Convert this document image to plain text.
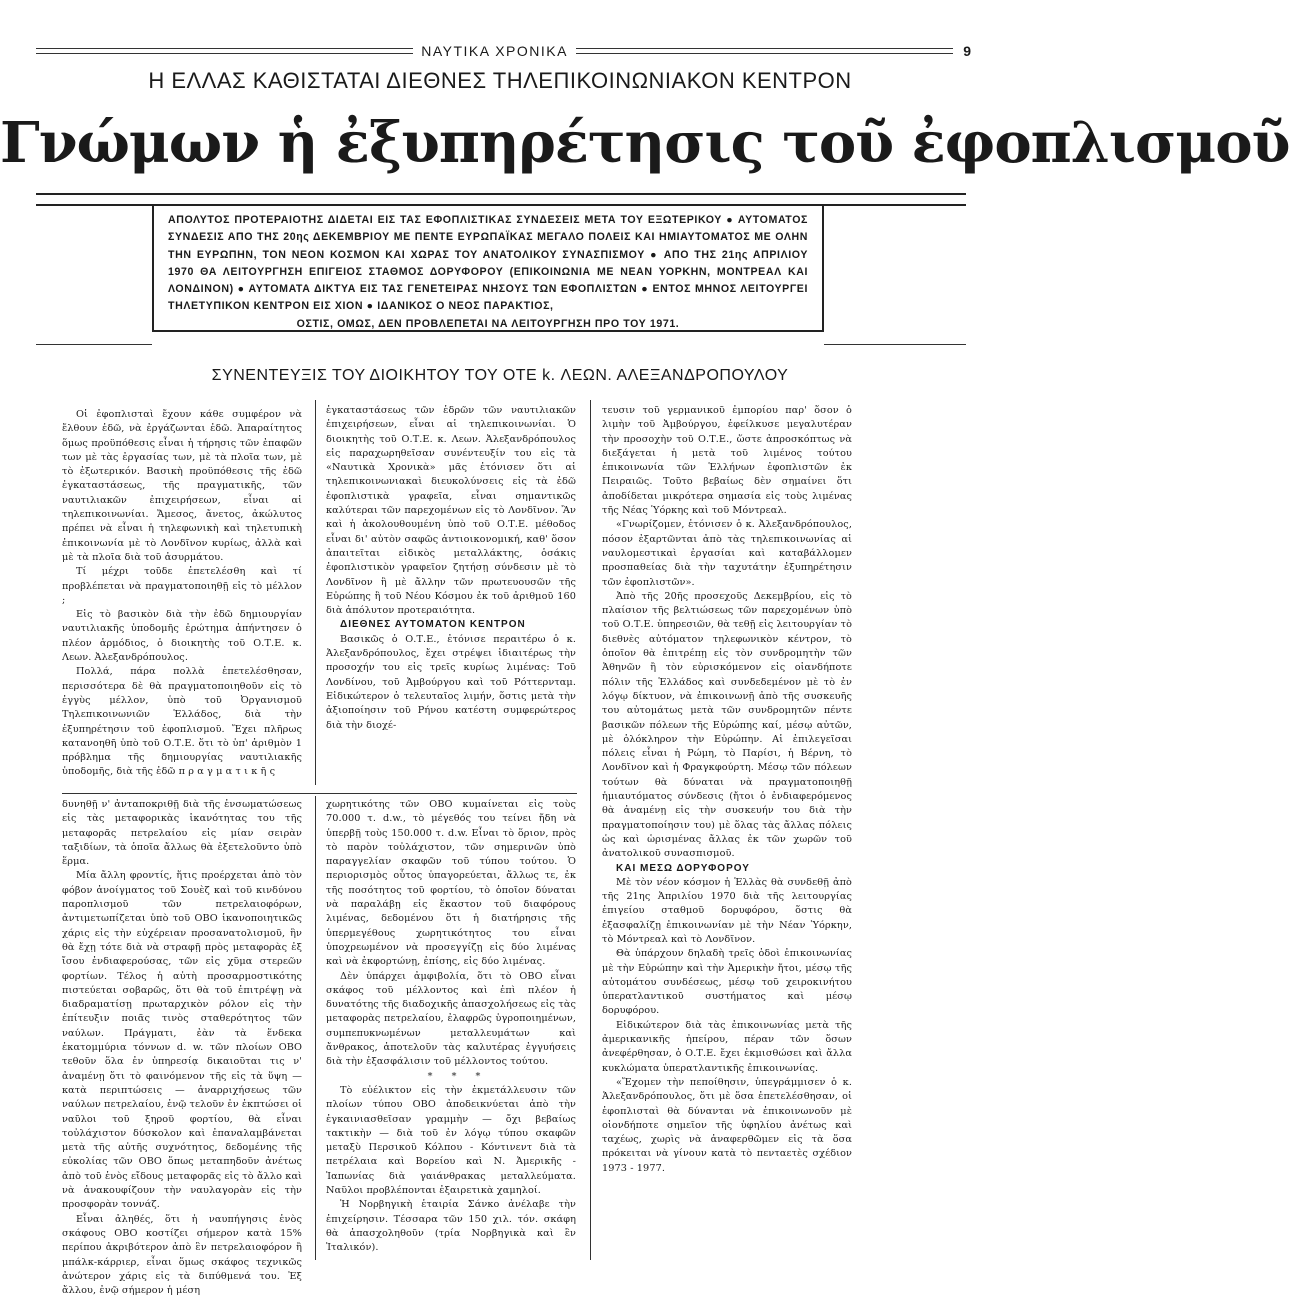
ΝΑΥΤΙΚΑ ΧΡΟΝΙΚΑ	9
Η ΕΛΛΑΣ ΚΑΘΙΣΤΑΤΑΙ ΔΙΕΘΝΕΣ ΤΗΛΕΠΙΚΟΙΝΩΝΙΑΚΟΝ ΚΕΝΤΡΟΝ
Γνώμων ἡ ἐξυπηρέτησις τοῦ ἐφοπλισμοῦ

ΑΠΟΛΥΤΟΣ ΠΡΟΤΕΡΑΙΟΤΗΣ ΔΙΔΕΤΑΙ ΕΙΣ ΤΑΣ ΕΦΟΠΛΙΣΤΙΚΑΣ ΣΥΝΔΕΣΕΙΣ ΜΕΤΑ ΤΟΥ ΕΞΩΤΕΡΙΚΟΥ ● ΑΥΤΟΜΑΤΟΣ ΣΥΝΔΕΣΙΣ ΑΠΟ ΤΗΣ 20ης ΔΕΚΕΜΒΡΙΟΥ ΜΕ ΠΕΝΤΕ ΕΥΡΩΠΑΪΚΑΣ ΜΕΓΑΛΟ ΠΟΛΕΙΣ ΚΑΙ ΗΜΙΑΥΤΟΜΑΤΟΣ ΜΕ ΟΛΗΝ ΤΗΝ ΕΥΡΩΠΗΝ, ΤΟΝ ΝΕΟΝ ΚΟΣΜΟΝ ΚΑΙ ΧΩΡΑΣ ΤΟΥ ΑΝΑΤΟΛΙΚΟΥ ΣΥΝΑΣΠΙΣΜΟΥ ● ΑΠΟ ΤΗΣ 21ης ΑΠΡΙΛΙΟΥ 1970 ΘΑ ΛΕΙΤΟΥΡΓΗΣΗ ΕΠΙΓΕΙΟΣ ΣΤΑΘΜΟΣ ΔΟΡΥΦΟΡΟΥ (ΕΠΙΚΟΙΝΩΝΙΑ ΜΕ ΝΕΑΝ ΥΟΡΚΗΝ, ΜΟΝΤΡΕΑΛ ΚΑΙ ΛΟΝΔΙΝΟΝ) ● ΑΥΤΟΜΑΤΑ ΔΙΚΤΥΑ ΕΙΣ ΤΑΣ ΓΕΝΕΤΕΙΡΑΣ ΝΗΣΟΥΣ ΤΩΝ ΕΦΟΠΛΙΣΤΩΝ ● ΕΝΤΟΣ ΜΗΝΟΣ ΛΕΙΤΟΥΡΓΕΙ ΤΗΛΕΤΥΠΙΚΟΝ ΚΕΝΤΡΟΝ ΕΙΣ ΧΙΟΝ ● ΙΔΑΝΙΚΟΣ Ο ΝΕΟΣ ΠΑΡΑΚΤΙΟΣ,
ΟΣΤΙΣ, ΟΜΩΣ, ΔΕΝ ΠΡΟΒΛΕΠΕΤΑΙ ΝΑ ΛΕΙΤΟΥΡΓΗΣΗ ΠΡΟ ΤΟΥ 1971.

ΣΥΝΕΝΤΕΥΞΙΣ ΤΟΥ ΔΙΟΙΚΗΤΟΥ ΤΟΥ ΟΤΕ k. ΛΕΩΝ. ΑΛΕΞΑΝΔΡΟΠΟΥΛΟΥ

Οἱ ἐφοπλισταὶ ἔχουν κάθε συμφέρον νὰ ἔλθουν ἐδῶ, νὰ ἐργάζωνται ἐδῶ. Ἀπαραίτητος ὅμως προϋπόθεσις εἶναι ἡ τήρησις τῶν ἐπαφῶν των μὲ τὰς ἐργασίας των, μὲ τὰ πλοῖα των, μὲ τὸ ἐξωτερικόν. Βασικὴ προϋπόθεσις τῆς ἐδῶ ἐγκαταστάσεως, τῆς πραγματικῆς, τῶν ναυτιλιακῶν ἐπιχειρήσεων, εἶναι αἱ τηλεπικοινωνίαι. Ἄμεσος, ἄνετος, ἀκώλυτος πρέπει νὰ εἶναι ἡ τηλεφωνικὴ καὶ τηλετυπικὴ ἐπικοινωνία μὲ τὸ Λονδῖνον κυρίως, ἀλλὰ καὶ μὲ τὰ πλοῖα διὰ τοῦ ἀσυρμάτου.

Τί μέχρι τοῦδε ἐπετελέσθη καὶ τί προβλέπεται νὰ πραγματοποιηθῇ εἰς τὸ μέλλον ;

Εἰς τὸ βασικὸν διὰ τὴν ἐδῶ δημιουργίαν ναυτιλιακῆς ὑποδομῆς ἐρώτημα ἀπήντησεν ὁ πλέον ἁρμόδιος, ὁ διοικητὴς τοῦ Ο.Τ.Ε. κ. Λεων. Ἀλεξανδρόπουλος.

Πολλά, πάρα πολλὰ ἐπετελέσθησαν, περισσότερα δὲ θὰ πραγματοποιηθοῦν εἰς τὸ ἐγγὺς μέλλον, ὑπὸ τοῦ Ὀργανισμοῦ Τηλεπικοινωνιῶν Ἑλλάδος, διὰ τὴν ἐξυπηρέτησιν τοῦ ἐφοπλισμοῦ. Ἔχει πλῆρως κατανοηθῆ ὑπὸ τοῦ Ο.Τ.Ε. ὅτι τὸ ὑπ' ἀριθμὸν 1 πρόβλημα τῆς δημιουργίας ναυτιλιακῆς ὑποδομῆς, διὰ τῆς ἐδῶ π ρ α γ μ α τ ι κ ῆ ς

ἐγκαταστάσεως τῶν ἑδρῶν τῶν ναυτιλιακῶν ἐπιχειρήσεων, εἶναι αἱ τηλεπικοινωνίαι. Ὁ διοικητὴς τοῦ Ο.Τ.Ε. κ. Λεων. Ἀλεξανδρόπουλος εἰς παραχωρηθεῖσαν συνέντευξίν του εἰς τὰ «Ναυτικὰ Χρονικὰ» μᾶς ἐτόνισεν ὅτι αἱ τηλεπικοινωνιακαὶ διευκολύνσεις εἰς τὰ ἐδῶ ἐφοπλιστικὰ γραφεῖα, εἶναι σημαντικῶς καλύτεραι τῶν παρεχομένων εἰς τὸ Λονδῖνον. Ἂν καὶ ἡ ἀκολουθουμένη ὑπὸ τοῦ Ο.Τ.Ε. μέθοδος εἶναι δι' αὐτὸν σαφῶς ἀντιοικονομική, καθ' ὅσον ἀπαιτεῖται εἰδικὸς μεταλλάκτης, ὁσάκις ἐφοπλιστικὸν γραφεῖον ζητήσῃ σύνδεσιν μὲ τὸ Λονδῖνον ἢ μὲ ἄλλην τῶν πρωτευουσῶν τῆς Εὐρώπης ἢ τοῦ Νέου Κόσμου ἐκ τοῦ ἀριθμοῦ 160 διὰ ἀπόλυτον προτεραιότητα.

ΔΙΕΘΝΕΣ ΑΥΤΟΜΑΤΟΝ ΚΕΝΤΡΟΝ

Βασικῶς ὁ Ο.Τ.Ε., ἐτόνισε περαιτέρω ὁ κ. Ἀλεξανδρόπουλος, ἔχει στρέψει ἰδιαιτέρως τὴν προσοχήν του εἰς τρεῖς κυρίως λιμένας: Τοῦ Λονδίνου, τοῦ Ἀμβούργου καὶ τοῦ Ρόττερνταμ. Εἰδικώτερον ὁ τελευταῖος λιμήν, ὅστις μετὰ τὴν ἀξιοποίησιν τοῦ Ρήνου κατέστη συμφερώτερος διὰ τὴν διοχέ-

τευσιν τοῦ γερμανικοῦ ἐμπορίου παρ' ὅσον ὁ λιμὴν τοῦ Ἀμβούργου, ἐφείλκυσε μεγαλυτέραν τὴν προσοχὴν τοῦ Ο.Τ.Ε., ὥστε ἀπροσκόπτως νὰ διεξάγεται ἡ μετὰ τοῦ λιμένος τούτου ἐπικοινωνία τῶν Ἑλλήνων ἐφοπλιστῶν ἐκ Πειραιῶς. Τοῦτο βεβαίως δὲν σημαίνει ὅτι ἀποδίδεται μικρότερα σημασία εἰς τοὺς λιμένας τῆς Νέας Ὑόρκης καὶ τοῦ Μόντρεαλ.

«Γνωρίζομεν, ἐτόνισεν ὁ κ. Ἀλεξανδρόπουλος, πόσον ἐξαρτῶνται ἀπὸ τὰς τηλεπικοινωνίας αἱ ναυλομεστικαὶ ἐργασίαι καὶ καταβάλλομεν προσπαθείας διὰ τὴν ταχυτάτην ἐξυπηρέτησιν τῶν ἐφοπλιστῶν».

Ἀπὸ τῆς 20ῆς προσεχοῦς Δεκεμβρίου, εἰς τὸ πλαίσιον τῆς βελτιώσεως τῶν παρεχομένων ὑπὸ τοῦ Ο.Τ.Ε. ὑπηρεσιῶν, θὰ τεθῇ εἰς λειτουργίαν τὸ διεθνὲς αὐτόματον τηλεφωνικὸν κέντρον, τὸ ὁποῖον θὰ ἐπιτρέπῃ εἰς τὸν συνδρομητὴν τῶν Ἀθηνῶν ἢ τὸν εὑρισκόμενον εἰς οἱανδήποτε πόλιν τῆς Ἑλλάδος καὶ συνδεδεμένον μὲ τὸ ἐν λόγῳ δίκτυον, νὰ ἐπικοινωνῇ ἀπὸ τῆς συσκευῆς του αὐτομάτως μετὰ τῶν συνδρομητῶν πέντε βασικῶν πόλεων τῆς Εὐρώπης καί, μέσῳ αὐτῶν, μὲ ὁλόκληρον τὴν Εὐρώπην. Αἱ ἐπιλεγεῖσαι πόλεις εἶναι ἡ Ρώμη, τὸ Παρίσι, ἡ Βέρνη, τὸ Λονδῖνον καὶ ἡ Φραγκφούρτη. Μέσῳ τῶν πόλεων τούτων θὰ δύναται νὰ πραγματοποιηθῇ ἡμιαυτόματος σύνδεσις (ἤτοι ὁ ἐνδιαφερόμενος θὰ ἀναμένῃ εἰς τὴν συσκευήν του διὰ τὴν πραγματοποίησιν του) μὲ ὅλας τὰς ἄλλας πόλεις ὡς καὶ ὡρισμένας ἄλλας ἐκ τῶν χωρῶν τοῦ ἀνατολικοῦ συνασπισμοῦ.

ΚΑΙ ΜΕΣΩ ΔΟΡΥΦΟΡΟΥ

Μὲ τὸν νέον κόσμον ἡ Ἑλλὰς θὰ συνδεθῇ ἀπὸ τῆς 21ης Ἀπριλίου 1970 διὰ τῆς λειτουργίας ἐπιγείου σταθμοῦ δορυφόρου, ὅστις θὰ ἐξασφαλίζῃ ἐπικοινωνίαν μὲ τὴν Νέαν Ὑόρκην, τὸ Μόντρεαλ καὶ τὸ Λονδῖνον.

Θὰ ὑπάρχουν δηλαδὴ τρεῖς ὁδοὶ ἐπικοινωνίας μὲ τὴν Εὐρώπην καὶ τὴν Ἀμερικὴν ἤτοι, μέσῳ τῆς αὐτομάτου συνδέσεως, μέσῳ τοῦ χειροκινήτου ὑπερατλαντικοῦ συστήματος καὶ μέσῳ δορυφόρου.

Εἰδικώτερον διὰ τὰς ἐπικοινωνίας μετὰ τῆς ἀμερικανικῆς ἠπείρου, πέραν τῶν ὅσων ἀνεφέρθησαν, ὁ Ο.Τ.Ε. ἔχει ἐκμισθώσει καὶ ἄλλα κυκλώματα ὑπερατλαντικῆς ἐπικοινωνίας.

«Ἔχομεν τὴν πεποίθησιν, ὑπεγράμμισεν ὁ κ. Ἀλεξανδρόπουλος, ὅτι μὲ ὅσα ἐπετελέσθησαν, οἱ ἐφοπλισταὶ θὰ δύνανται νὰ ἐπικοινωνοῦν μὲ οἱονδήποτε σημεῖον τῆς ὑφηλίου ἀνέτως καὶ ταχέως, χωρὶς νὰ ἀναφερθῶμεν εἰς τὰ ὅσα πρόκειται νὰ γίνουν κατὰ τὸ πενταετὲς σχέδιον 1973 - 1977.

δυνηθῇ ν' ἀνταποκριθῇ διὰ τῆς ἐνσωματώσεως εἰς τὰς μεταφορικὰς ἱκανότητας του τῆς μεταφορᾶς πετρελαίου εἰς μίαν σειρὰν ταξιδίων, τὰ ὁποῖα ἄλλως θὰ ἐξετελοῦντο ὑπὸ ἕρμα.

Μία ἄλλη φροντίς, ἥτις προέρχεται ἀπὸ τὸν φόβον ἀνοίγματος τοῦ Σουὲζ καὶ τοῦ κινδύνου παροπλισμοῦ τῶν πετρελαιοφόρων, ἀντιμετωπίζεται ὑπὸ τοῦ ΟΒΟ ἱκανοποιητικῶς χάρις εἰς τὴν εὐχέρειαν προσανατολισμοῦ, ἣν θὰ ἔχῃ τότε διὰ νὰ στραφῇ πρὸς μεταφορὰς ἐξ ἴσου ἐνδιαφερούσας, τῶν εἰς χῦμα στερεῶν φορτίων. Τέλος ἡ αὐτὴ προσαρμοστικότης πιστεύεται σοβαρῶς, ὅτι θὰ τοῦ ἐπιτρέψῃ νὰ διαδραματίσῃ πρωταρχικὸν ρόλον εἰς τὴν ἐπίτευξιν ποιᾶς τινὸς σταθερότητος τῶν ναύλων. Πράγματι, ἐὰν τὰ ἕνδεκα ἑκατομμύρια τόννων d. w. τῶν πλοίων ΟΒΟ τεθοῦν ὅλα ἐν ὑπηρεσίᾳ δικαιοῦται τις ν' ἀναμένῃ ὅτι τὸ φαινόμενον τῆς εἰς τὰ ὕψη — κατὰ περιπτώσεις — ἀναρριχήσεως τῶν ναύλων πετρελαίου, ἐνῷ τελοῦν ἐν ἐκπτώσει οἱ ναῦλοι τοῦ ξηροῦ φορτίου, θὰ εἶναι τοὐλάχιστον δύσκολον καὶ ἐπαναλαμβάνεται μετὰ τῆς αὐτῆς συχνότητος, δεδομένης τῆς εὐκολίας τῶν ΟΒΟ ὅπως μεταπηδοῦν ἀνέτως ἀπὸ τοῦ ἑνὸς εἴδους μεταφορᾶς εἰς τὸ ἄλλο καὶ νὰ ἀνακουφίζουν τὴν ναυλαγορὰν εἰς τὴν προσφορὰν τοννάζ.

Εἶναι ἀληθές, ὅτι ἡ ναυπήγησις ἑνὸς σκάφους ΟΒΟ κοστίζει σήμερον κατὰ 15% περίπου ἀκριβότερον ἀπὸ ἓν πετρελαιοφόρον ἢ μπάλκ-κάρριερ, εἶναι ὅμως σκάφος τεχνικῶς ἀνώτερον χάρις εἰς τὰ διπύθμενά του. Ἐξ ἄλλου, ἐνῷ σήμερον ἡ μέση

χωρητικότης τῶν ΟΒΟ κυμαίνεται εἰς τοὺς 70.000 τ. d.w., τὸ μέγεθός του τείνει ἤδη νὰ ὑπερβῇ τοὺς 150.000 τ. d.w. Εἶναι τὸ ὅριον, πρὸς τὸ παρὸν τοὐλάχιστον, τῶν σημερινῶν ὑπὸ παραγγελίαν σκαφῶν τοῦ τύπου τούτου. Ὁ περιορισμὸς οὗτος ὑπαγορεύεται, ἄλλως τε, ἐκ τῆς ποσότητος τοῦ φορτίου, τὸ ὁποῖον δύναται νὰ παραλάβῃ εἰς ἕκαστον τοῦ διαφόρους λιμένας, δεδομένου ὅτι ἡ διατήρησις τῆς ὑπερμεγέθους χωρητικότητος του εἶναι ὑποχρεωμένον νὰ προσεγγίζῃ εἰς δύο λιμένας καὶ νὰ ἐκφορτώνῃ, ἐπίσης, εἰς δύο λιμένας.

Δὲν ὑπάρχει ἀμφιβολία, ὅτι τὸ ΟΒΟ εἶναι σκάφος τοῦ μέλλοντος καὶ ἐπὶ πλέον ἡ δυνατότης τῆς διαδοχικῆς ἀπασχολήσεως εἰς τὰς μεταφορὰς πετρελαίου, ἐλαφρῶς ὑγροποιημένων, συμπεπυκνωμένων μεταλλευμάτων καὶ ἄνθρακος, ἀποτελοῦν τὰς καλυτέρας ἐγγυήσεις διὰ τὴν ἐξασφάλισιν τοῦ μέλλοντος τούτου.

* * *

Τὸ εὐέλικτον εἰς τὴν ἐκμετάλλευσιν τῶν πλοίων τύπου ΟΒΟ ἀποδεικνύεται ἀπὸ τὴν ἐγκαινιασθεῖσαν γραμμὴν — ὄχι βεβαίως τακτικὴν — διὰ τοῦ ἐν λόγῳ τύπου σκαφῶν μεταξὺ Περσικοῦ Κόλπου - Κόντινεντ διὰ τὰ πετρέλαια καὶ Βορείου καὶ Ν. Ἀμερικῆς - Ἰαπωνίας διὰ γαιάνθρακας μεταλλεύματα. Ναῦλοι προβλέπονται ἐξαιρετικὰ χαμηλοί.

Ἡ Νορβηγικὴ ἑταιρία Σάνκο ἀνέλαβε τὴν ἐπιχείρησιν. Τέσσαρα τῶν 150 χιλ. τόν. σκάφη θὰ ἀπασχοληθοῦν (τρία Νορβηγικὰ καὶ ἓν Ἰταλικόν).
